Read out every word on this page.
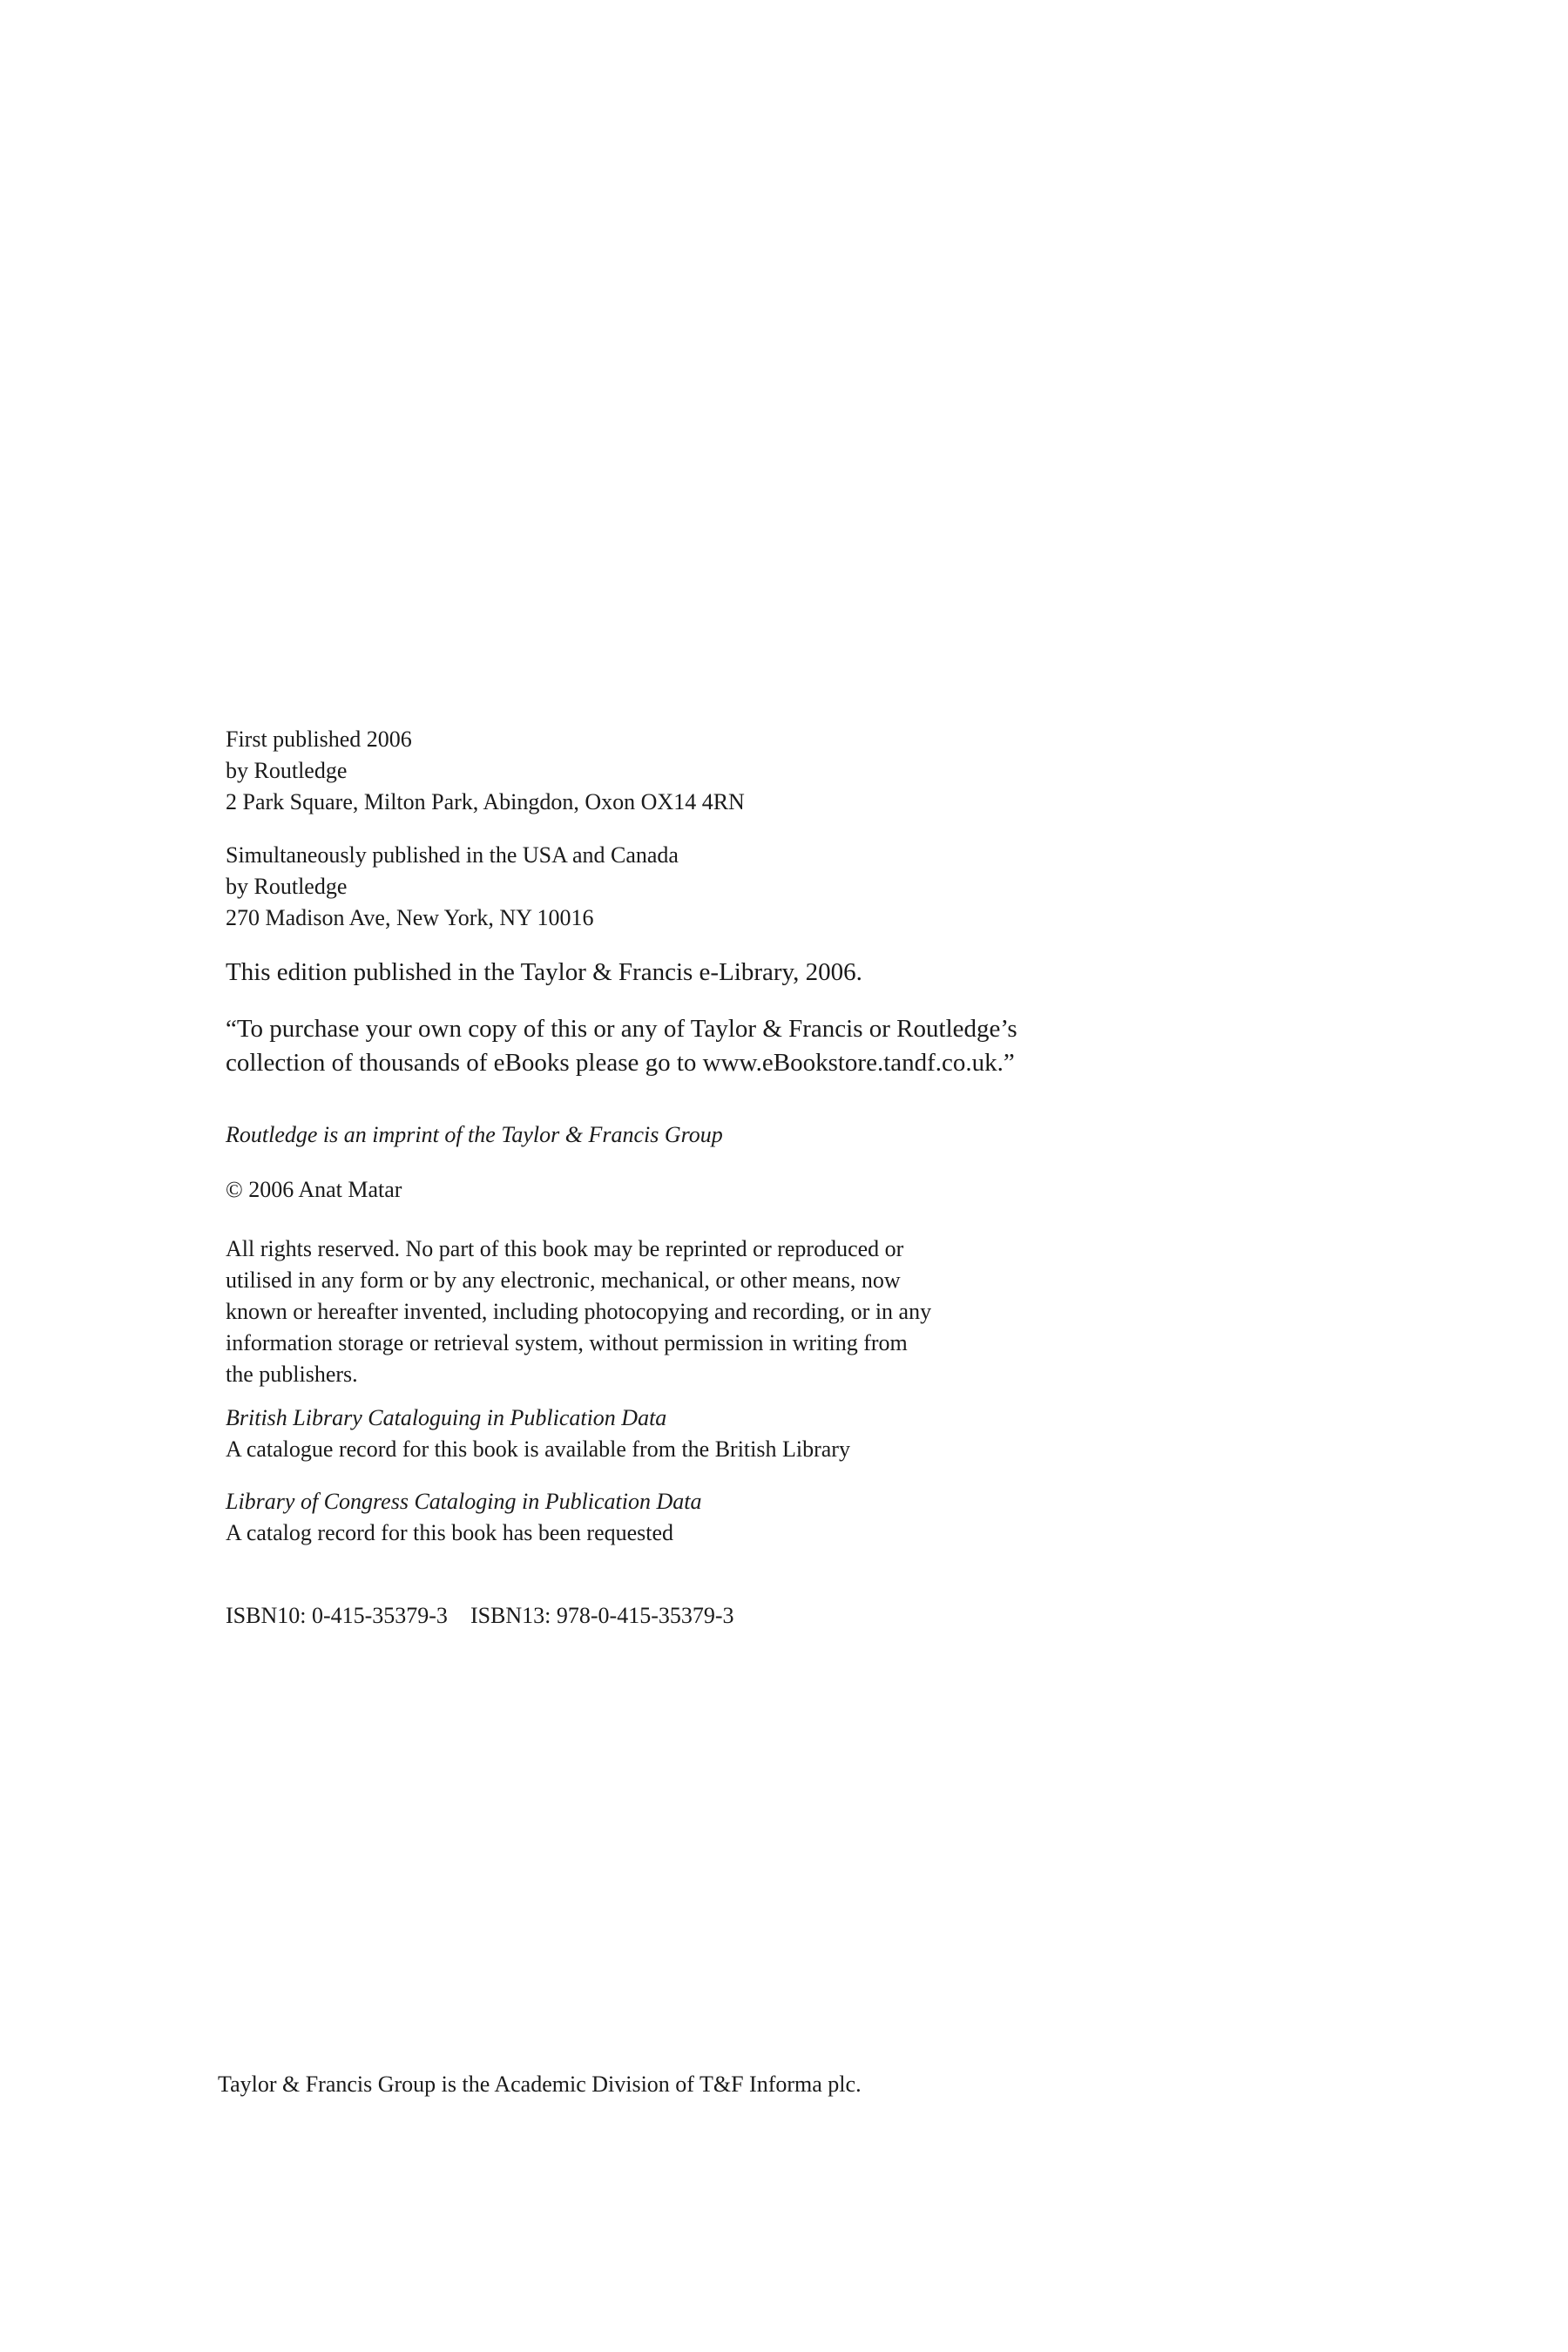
First published 2006
by Routledge
2 Park Square, Milton Park, Abingdon, Oxon OX14 4RN
Simultaneously published in the USA and Canada
by Routledge
270 Madison Ave, New York, NY 10016
This edition published in the Taylor & Francis e-Library, 2006.
“To purchase your own copy of this or any of Taylor & Francis or Routledge’s
collection of thousands of eBooks please go to www.eBookstore.tandf.co.uk.”
Routledge is an imprint of the Taylor & Francis Group
© 2006 Anat Matar
All rights reserved. No part of this book may be reprinted or reproduced or
utilised in any form or by any electronic, mechanical, or other means, now
known or hereafter invented, including photocopying and recording, or in any
information storage or retrieval system, without permission in writing from
the publishers.
British Library Cataloguing in Publication Data
A catalogue record for this book is available from the British Library
Library of Congress Cataloging in Publication Data
A catalog record for this book has been requested
ISBN10: 0-415-35379-3 ISBN13: 978-0-415-35379-3
Taylor & Francis Group is the Academic Division of T&F Informa plc.
